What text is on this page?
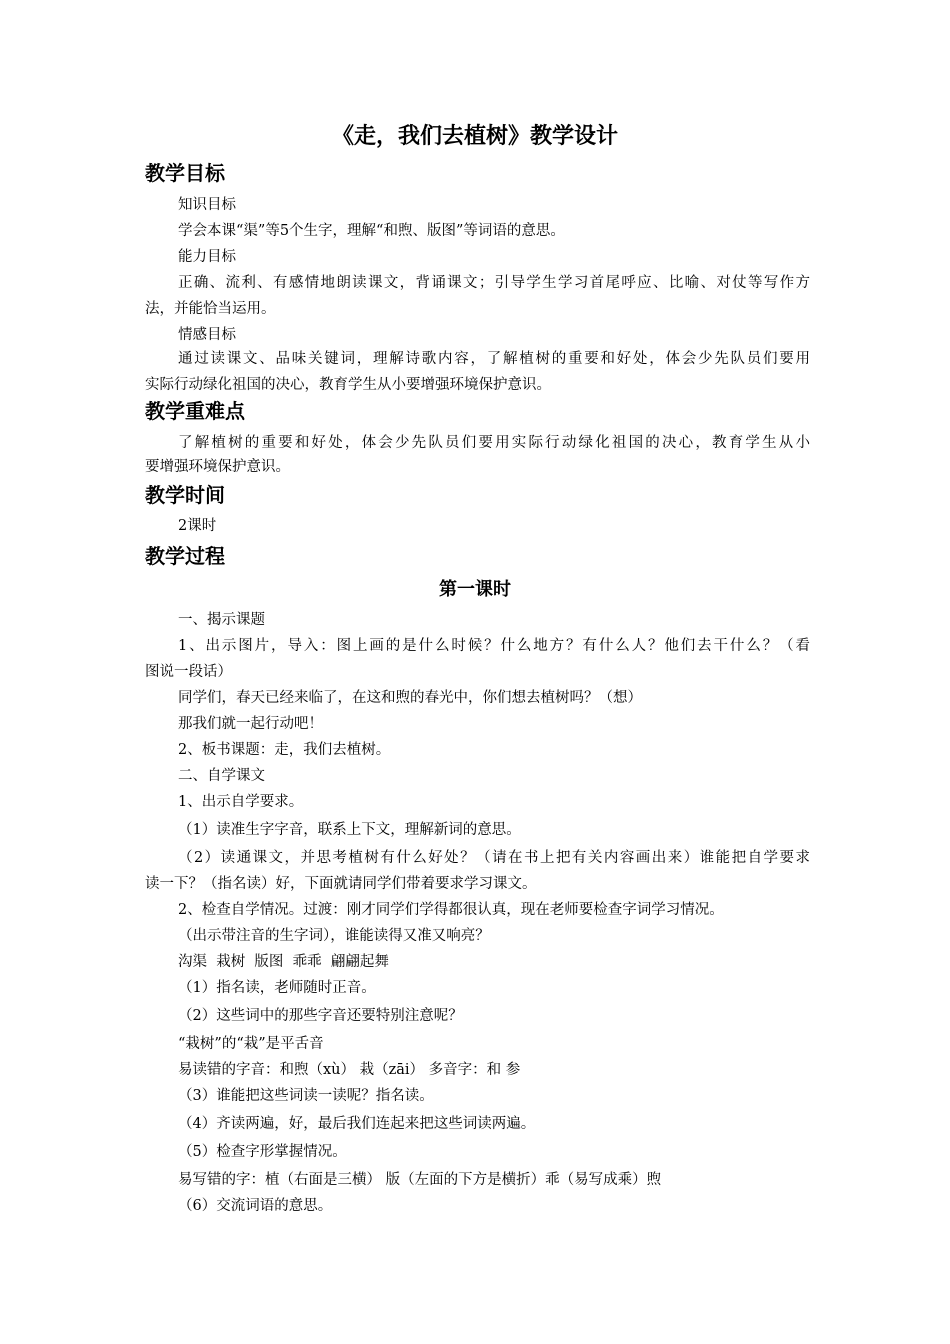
《走，我们去植树》教学设计
教学目标
知识目标
学会本课“渠”等5个生字，理解“和煦、版图”等词语的意思。
能力目标
正确、流利、有感情地朗读课文，背诵课文；引导学生学习首尾呼应、比喻、对仗等写作方
法，并能恰当运用。
情感目标
通过读课文、品味关键词，理解诗歌内容，了解植树的重要和好处，体会少先队员们要用
实际行动绿化祖国的决心，教育学生从小要增强环境保护意识。
教学重难点
了解植树的重要和好处，体会少先队员们要用实际行动绿化祖国的决心，教育学生从小
要增强环境保护意识。
教学时间
2课时
教学过程
第一课时
一、揭示课题
1、出示图片，导入：图上画的是什么时候？什么地方？有什么人？他们去干什么？（看
图说一段话）
同学们，春天已经来临了，在这和煦的春光中，你们想去植树吗？（想）
那我们就一起行动吧！
2、板书课题：走，我们去植树。
二、自学课文
1、出示自学要求。
（1）读准生字字音，联系上下文，理解新词的意思。
（2）读通课文，并思考植树有什么好处？（请在书上把有关内容画出来）谁能把自学要求
读一下？（指名读）好，下面就请同学们带着要求学习课文。
2、检查自学情况。过渡：刚才同学们学得都很认真，现在老师要检查字词学习情况。
（出示带注音的生字词），谁能读得又准又响亮？
沟渠  栽树  版图  乖乖  翩翩起舞
（1）指名读，老师随时正音。
（2）这些词中的那些字音还要特别注意呢？
“栽树”的“栽”是平舌音
易读错的字音：和煦（xù） 栽（zāi） 多音字：和 参
（3）谁能把这些词读一读呢？指名读。
（4）齐读两遍，好，最后我们连起来把这些词读两遍。
（5）检查字形掌握情况。
易写错的字：植（右面是三横） 版（左面的下方是横折）乖（易写成乘）煦
（6）交流词语的意思。
